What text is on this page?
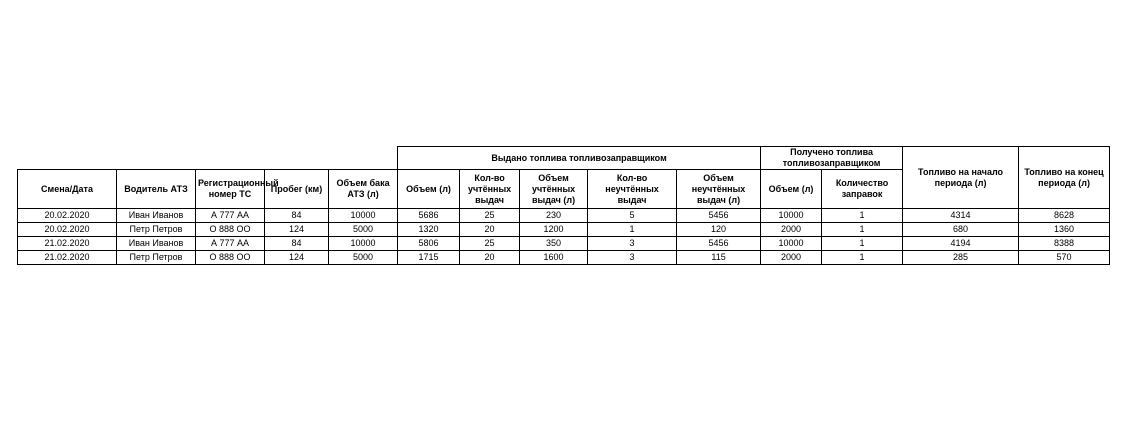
					Выдано топлива топливозаправщиком					Получено топлива топливозаправщиком		Топливо на начало периода (л)	Топливо на конец периода (л)
Смена/Дата	Водитель АТЗ	Регистрационный номер ТС	Пробег (км)	Объем бака АТЗ (л)	Объем (л)	Кол-во учтённых выдач	Объем учтённых выдач (л)	Кол-во неучтённых выдач	Объем неучтённых выдач (л)	Объем (л)	Количество заправок		
20.02.2020	Иван Иванов	А 777 АА	84	10000	5686	25	230	5	5456	10000	1	4314	8628
20.02.2020	Петр Петров	О 888 ОО	124	5000	1320	20	1200	1	120	2000	1	680	1360
21.02.2020	Иван Иванов	А 777 АА	84	10000	5806	25	350	3	5456	10000	1	4194	8388
21.02.2020	Петр Петров	О 888 ОО	124	5000	1715	20	1600	3	115	2000	1	285	570
